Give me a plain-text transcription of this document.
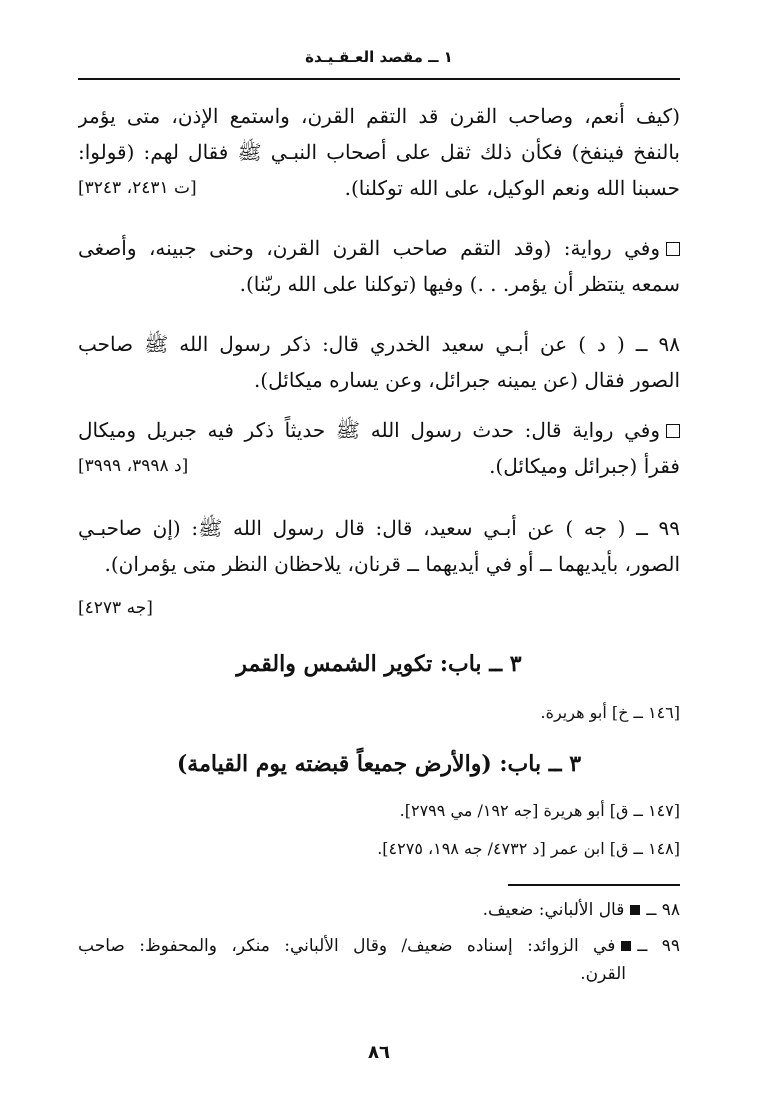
١ ــ مقصد العـقـيـدة
(كيف أنعم، وصاحب القرن قد التقم القرن، واستمع الإذن، متى يؤمر
بالنفخ فينفخ) فكأن ذلك ثقل على أصحاب النبـي ﷺ فقال لهم: (قولوا:
حسبنا الله ونعم الوكيل، على الله توكلنا).
[ت ٢٤٣١، ٣٢٤٣]
وفي رواية: (وقد التقم صاحب القرن القرن، وحنى جبينه، وأصغى
سمعه ينتظر أن يؤمر. . .) وفيها (توكلنا على الله ربّنا).
٩٨ ــ ( د ) عن أبـي سعيد الخدري قال: ذكر رسول الله ﷺ صاحب
الصور فقال (عن يمينه جبرائل، وعن يساره ميكائل).
وفي رواية قال: حدث رسول الله ﷺ حديثاً ذكر فيه جبريل وميكال
فقرأ (جبرائل وميكائل).
[د ٣٩٩٨، ٣٩٩٩]
٩٩ ــ ( جه ) عن أبـي سعيد، قال: قال رسول الله ﷺ: (إن صاحبـي
الصور، بأيديهما ــ أو في أيديهما ــ قرنان، يلاحظان النظر متى يؤمران).
[جه ٤٢٧٣]
٣ ــ باب: تكوير الشمس والقمر
[١٤٦ ــ خ] أبو هريرة.
٣ ــ باب: (والأرض جميعاً قبضته يوم القيامة)
[١٤٧ ــ ق] أبو هريرة [جه ١٩٢/ مي ٢٧٩٩].
[١٤٨ ــ ق] ابن عمر [د ٤٧٣٢/ جه ١٩٨، ٤٢٧٥].
٩٨ ــقال الألباني: ضعيف.
٩٩ ــفي الزوائد: إسناده ضعيف/ وقال الألباني: منكر، والمحفوظ: صاحب
القرن.
٨٦
